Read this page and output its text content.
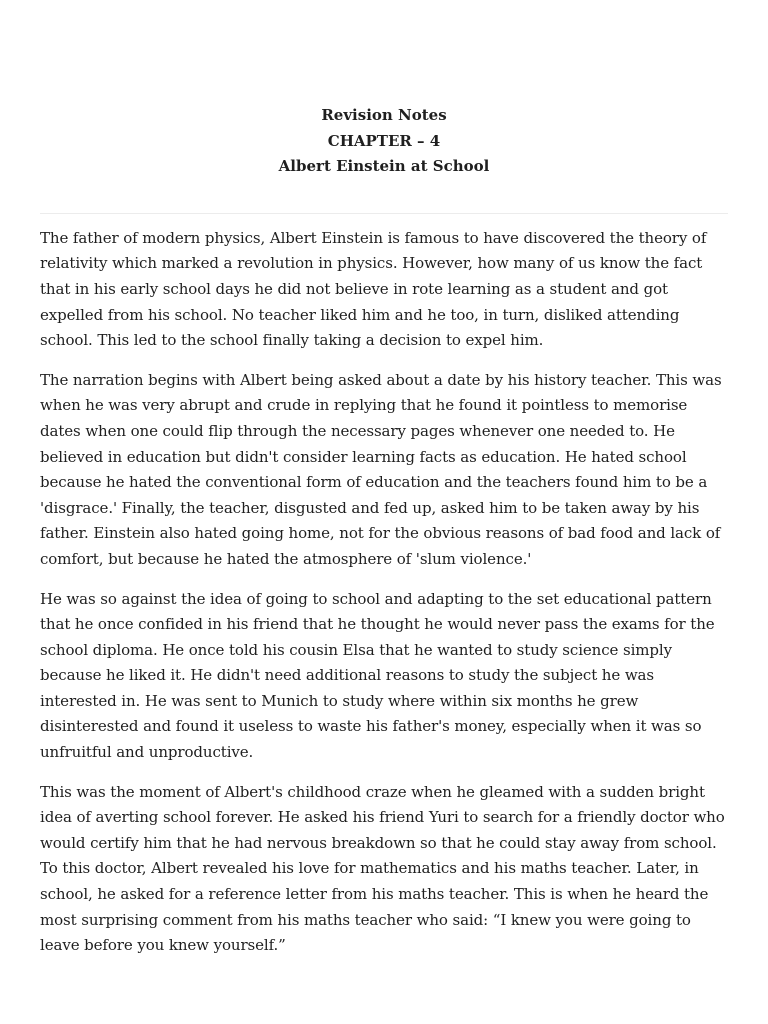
Revision Notes
CHAPTER – 4
Albert Einstein at School

The father of modern physics, Albert Einstein is famous to have discovered the theory of relativity which marked a revolution in physics. However, how many of us know the fact that in his early school days he did not believe in rote learning as a student and got expelled from his school. No teacher liked him and he too, in turn, disliked attending school. This led to the school finally taking a decision to expel him.

The narration begins with Albert being asked about a date by his history teacher. This was when he was very abrupt and crude in replying that he found it pointless to memorise dates when one could flip through the necessary pages whenever one needed to. He believed in education but didn't consider learning facts as education. He hated school because he hated the conventional form of education and the teachers found him to be a 'disgrace.' Finally, the teacher, disgusted and fed up, asked him to be taken away by his father. Einstein also hated going home, not for the obvious reasons of bad food and lack of comfort, but because he hated the atmosphere of 'slum violence.'

He was so against the idea of going to school and adapting to the set educational pattern that he once confided in his friend that he thought he would never pass the exams for the school diploma. He once told his cousin Elsa that he wanted to study science simply because he liked it. He didn't need additional reasons to study the subject he was interested in. He was sent to Munich to study where within six months he grew disinterested and found it useless to waste his father's money, especially when it was so unfruitful and unproductive.

This was the moment of Albert's childhood craze when he gleamed with a sudden bright idea of averting school forever. He asked his friend Yuri to search for a friendly doctor who would certify him that he had nervous breakdown so that he could stay away from school. To this doctor, Albert revealed his love for mathematics and his maths teacher. Later, in school, he asked for a reference letter from his maths teacher. This is when he heard the most surprising comment from his maths teacher who said: “I knew you were going to leave before you knew yourself.”
